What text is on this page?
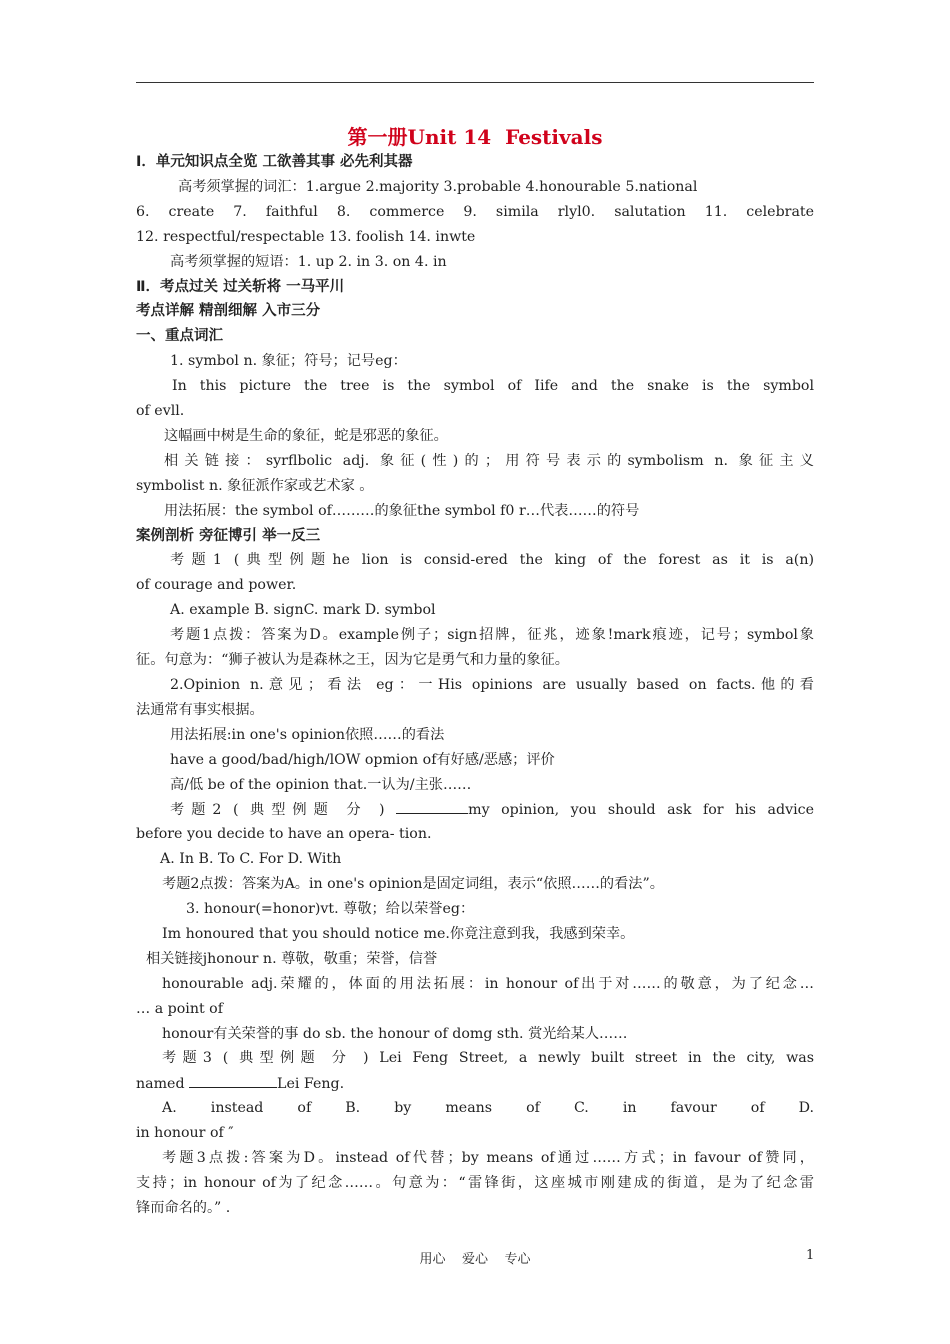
第一册Unit 14  Festivals
I．单元知识点全览 工欲善其事 必先利其器
高考须掌握的词汇：1.argue 2.majority 3.probable 4.honourable 5.national
6. create 7. faithful 8. commerce 9. simila rlyl0. salutation 11. celebrate
12. respectful/respectable 13. foolish 14. inwte
高考须掌握的短语：1. up 2. in 3. on 4. in
Ⅱ．考点过关 过关斩将 一马平川
考点详解 精剖细解 入市三分
一、重点词汇
1. symbol n. 象征；符号；记号eg：
In this picture the tree is the symbol of Iife and the snake is the symbol
of evll.
这幅画中树是生命的象征，蛇是邪恶的象征。
相关链接：syrflbolic adj. 象征(性)的；用符号表示的symbolism n. 象征主义
symbolist n. 象征派作家或艺术家 。
用法拓展：the symbol of………的象征the symbol f0 r…代表……的符号
案例剖析 旁征博引 举一反三
考题1 (典型例题he lion is consid-ered the king of the forest as it is a(n)
of courage and power.
A. example B. signC. mark D. symbol
考题1点拨：答案为D。example例子；sign招牌，征兆，迹象!mark痕迹，记号；symbol象
征。句意为：“狮子被认为是森林之王，因为它是勇气和力量的象征。
2.Opinion n.意见；看法 eg：一His opinions are usually based on facts.他的看
法通常有事实根据。
用法拓展:in one's opinion依照……的看法
have a good/bad/high/lOW opmion of有好感/恶感；评价
高/低 be of the opinion that.一认为/主张……
考题2 ( 典型例题 分 )	my opinion, you should ask for his advice
before you decide to have an opera- tion.
A. In B. To C. For D. With
考题2点拨：答案为A。in one's opinion是固定词组，表示“依照……的看法”。
3. honour(=honor)vt. 尊敬；给以荣誉eg：
Im honoured that you should notice me.你竟注意到我，我感到荣幸。
相关链接jhonour n. 尊敬，敬重；荣誉，信誉
honourable adj.荣耀的，体面的用法拓展：in honour of出于对……的敬意，为了纪念…
… a point of
honour有关荣誉的事 do sb. the honour of domg sth. 赏光给某人……
考题3 ( 典型例题 分 ) Lei Feng Street, a newly built street in the city, was
named	Lei Feng.
A. instead of B. by means of C. in favour of D.
in honour of ″
考题3点拨:答案为D。instead of代替；by means of通过……方式；in favour of赞同，
支持；in honour of为了纪念……。句意为：“雷锋街，这座城市刚建成的街道，是为了纪念雷
锋而命名的。” .
用心    爱心    专心	1
